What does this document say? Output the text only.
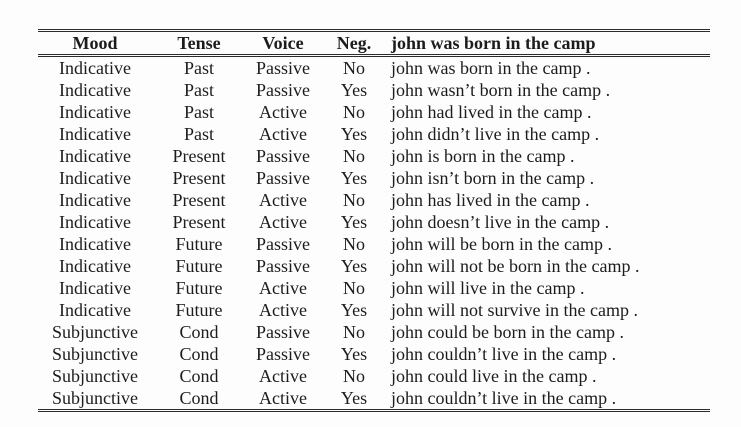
Mood	Tense	Voice	Neg.	john was born in the camp
Indicative	Past	Passive	No	john was born in the camp .
Indicative	Past	Passive	Yes	john wasn’t born in the camp .
Indicative	Past	Active	No	john had lived in the camp .
Indicative	Past	Active	Yes	john didn’t live in the camp .
Indicative	Present	Passive	No	john is born in the camp .
Indicative	Present	Passive	Yes	john isn’t born in the camp .
Indicative	Present	Active	No	john has lived in the camp .
Indicative	Present	Active	Yes	john doesn’t live in the camp .
Indicative	Future	Passive	No	john will be born in the camp .
Indicative	Future	Passive	Yes	john will not be born in the camp .
Indicative	Future	Active	No	john will live in the camp .
Indicative	Future	Active	Yes	john will not survive in the camp .
Subjunctive	Cond	Passive	No	john could be born in the camp .
Subjunctive	Cond	Passive	Yes	john couldn’t live in the camp .
Subjunctive	Cond	Active	No	john could live in the camp .
Subjunctive	Cond	Active	Yes	john couldn’t live in the camp .
